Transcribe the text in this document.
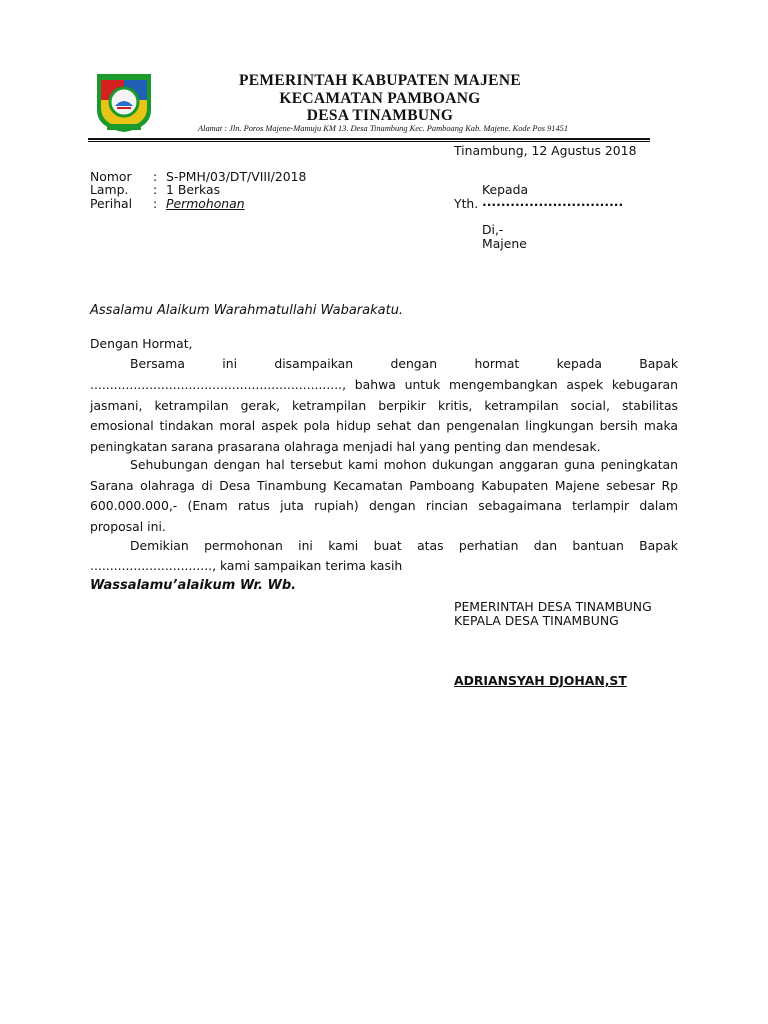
PEMERINTAH KABUPATEN MAJENE
KECAMATAN PAMBOANG
DESA TINAMBUNG
Alamat : Jln. Poros Majene-Mamuju KM 13. Desa Tinambung Kec. Pamboang Kab. Majene. Kode Pos 91451
Tinambung, 12 Agustus 2018
Nomor : S-PMH/03/DT/VIII/2018
Lamp. : 1 Berkas
Perihal : Permohonan
Kepada
Yth. ..............................
Di,-
Majene
Assalamu Alaikum Warahmatullahi Wabarakatu.
Dengan Hormat,
Bersama	ini	disampaikan	dengan	hormat	kepada	Bapak
................................................................, bahwa untuk mengembangkan aspek kebugaran jasmani, ketrampilan gerak, ketrampilan berpikir kritis, ketrampilan social, stabilitas emosional tindakan moral aspek pola hidup sehat dan pengenalan lingkungan bersih maka peningkatan sarana prasarana olahraga menjadi hal yang penting dan mendesak.
Sehubungan dengan hal tersebut kami mohon dukungan anggaran guna peningkatan Sarana olahraga di Desa Tinambung Kecamatan Pamboang Kabupaten Majene sebesar Rp 600.000.000,- (Enam ratus juta rupiah) dengan rincian sebagaimana terlampir dalam proposal ini.
Demikian permohonan ini kami buat atas perhatian dan bantuan Bapak
..............................., kami sampaikan terima kasih
Wassalamu’alaikum Wr. Wb.
PEMERINTAH DESA TINAMBUNG
KEPALA DESA TINAMBUNG
ADRIANSYAH DJOHAN,ST
